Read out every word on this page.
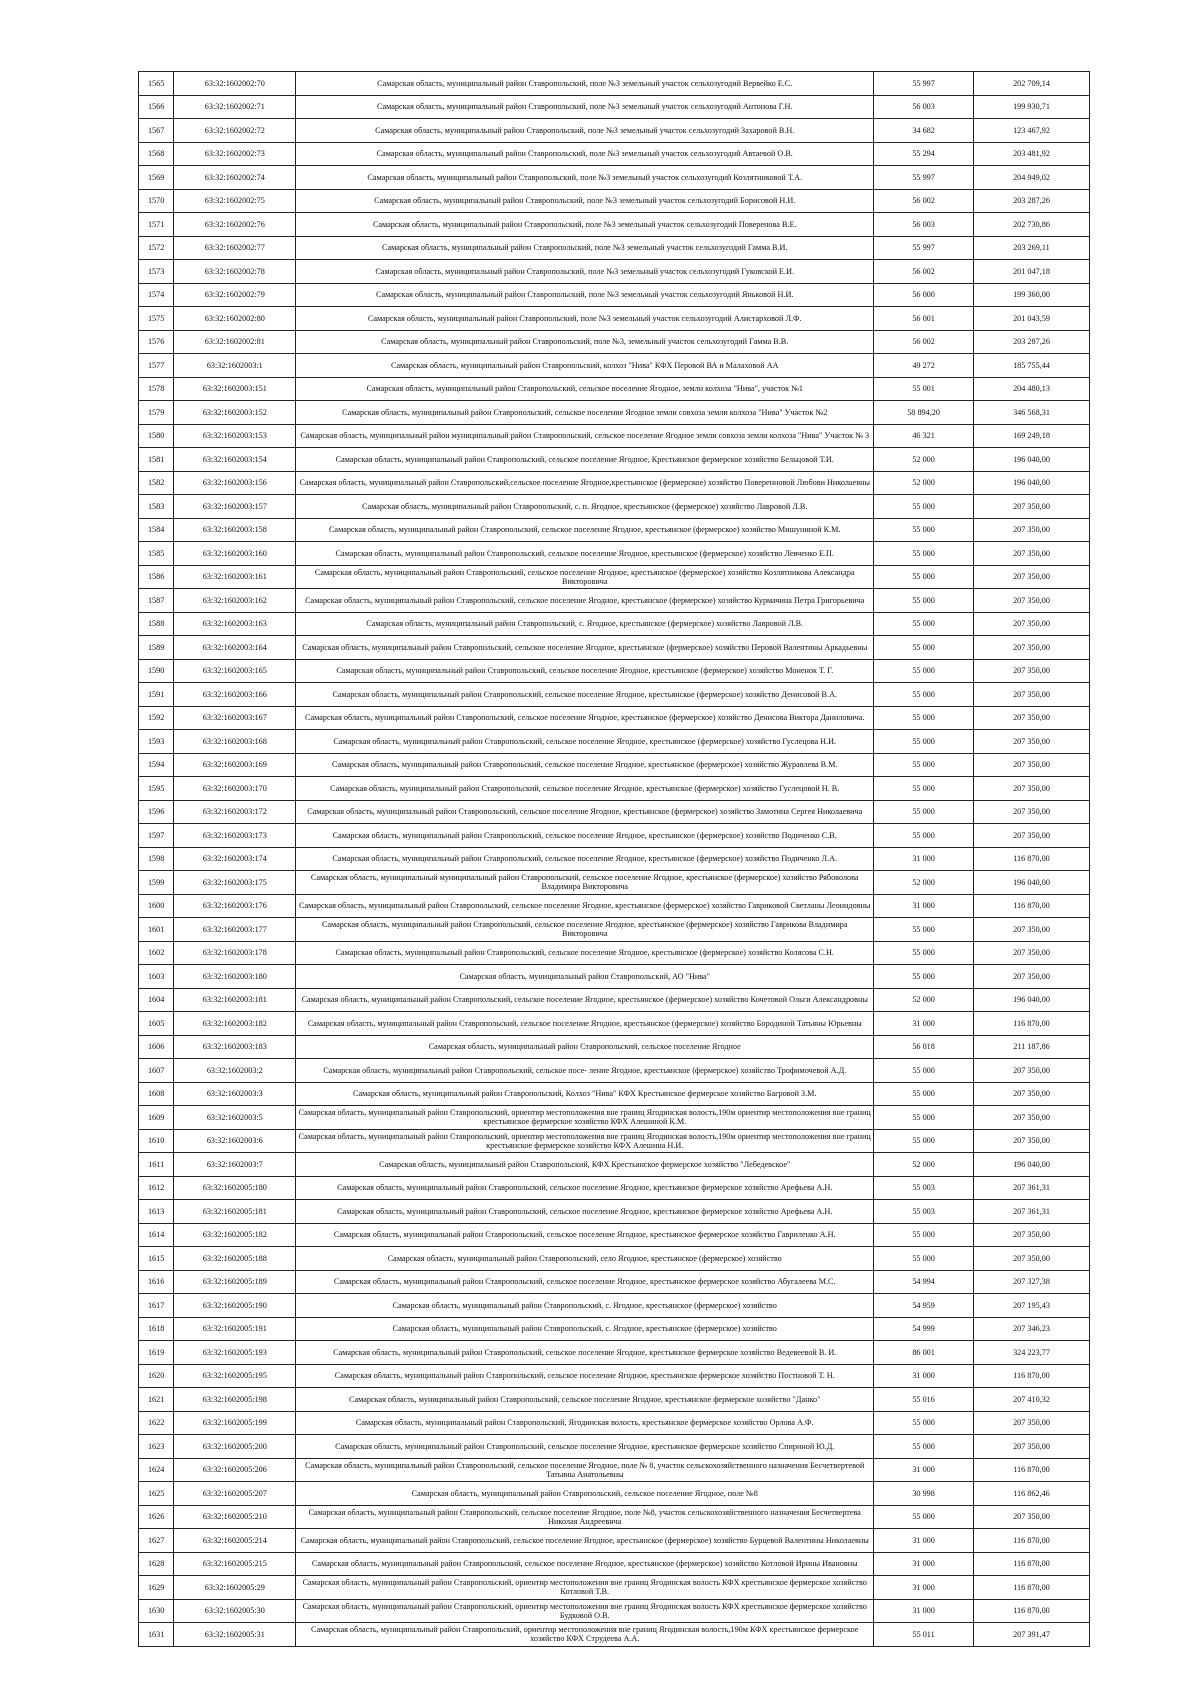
1565	63:32:1602002:70	Самарская область, муниципальный район Ставропольский, поле №3 земельный участок сельхозугодий Вервейко Е.С.	55 997	202 709,14
1566	63:32:1602002:71	Самарская область, муниципальный район Ставропольский, поле №3 земельный участок сельхозугодий Антонова Г.Н.	56 003	199 930,71
1567	63:32:1602002:72	Самарская область, муниципальный район Ставропольский, поле №3 земельный участок сельхозугодий Захаровой В.Н.	34 682	123 467,92
1568	63:32:1602002:73	Самарская область, муниципальный район Ставропольский, поле №3 земельный участок сельхозугодий Автаевой О.В.	55 294	203 481,92
1569	63:32:1602002:74	Самарская область, муниципальный район Ставропольский, поле №3 земельный участок сельхозугодий Козлятниковой Т.А.	55 997	204 949,02
1570	63:32:1602002:75	Самарская область, муниципальный район Ставропольский, поле №3 земельный участок сельхозугодий Борисовой Н.И.	56 002	203 287,26
1571	63:32:1602002:76	Самарская область, муниципальный район Ставропольский, поле №3 земельный участок сельхозугодий Поверенова В.Е.	56 003	202 730,86
1572	63:32:1602002:77	Самарская область, муниципальный район Ставропольский, поле №3 земельный участок сельхозугодий Гамма В.И.	55 997	203 269,11
1573	63:32:1602002:78	Самарская область, муниципальный район Ставропольский, поле №3 земельный участок сельхозугодий Гуковской Е.И.	56 002	201 047,18
1574	63:32:1602002:79	Самарская область, муниципальный район Ставропольский, поле №3 земельный участок сельхозугодий Яньковой Н.И.	56 000	199 360,00
1575	63:32:1602002:80	Самарская область, муниципальный район Ставропольский, поле №3 земельный участок сельхозугодий Алистарховой Л.Ф.	56 001	201 043,59
1576	63:32:1602002:81	Самарская область, муниципальный район Ставропольский, поле №3, земельный участок сельхозугодий Гамма В.В.	56 002	203 287,26
1577	63:32:1602003:1	Самарская область, муниципальный район Ставропольский, колхоз "Нива" КФХ Перовой ВА и Малаховой АА	49 272	185 755,44
1578	63:32:1602003:151	Самарская область, муниципальный район Ставропольский, сельское поселение Ягодное, земли колхоза "Нива", участок №1	55 001	204 480,13
1579	63:32:1602003:152	Самарская область, муниципальный район Ставропольский, сельское поселение Ягодное земли совхоза земли колхоза "Нива" Участок №2	58 894,20	346 568,31
1580	63:32:1602003:153	Самарская область, муниципальный район муниципальный район Ставропольский, сельское поселение Ягодное земли совхоза земли колхоза "Нива" Участок № 3	46 321	169 249,18
1581	63:32:1602003:154	Самарская область, муниципальный район Ставропольский, сельское поселение Ягодное, Крестьянское фермерское хозяйство Бельцовой Т.И.	52 000	196 040,00
1582	63:32:1602003:156	Самарская область, муниципальный район Ставропольский,сельское поселение Ягодное,крестьянское (фермерское) хозяйство Поверенновой Любови Николаевны	52 000	196 040,00
1583	63:32:1602003:157	Самарская область, муниципальный район Ставропольский, с. п. Ягодное, крестьянское (фермерское) хозяйство Лавровой Л.В.	55 000	207 350,00
1584	63:32:1602003:158	Самарская область, муниципальный район Ставропольский, сельское поселение Ягодное, крестьянское (фермерское) хозяйство Мишуниной К.М.	55 000	207 350,00
1585	63:32:1602003:160	Самарская область, муниципальный район Ставропольский, сельское поселение Ягодное, крестьянское (фермерское) хозяйство Левченко Е.П.	55 000	207 350,00
1586	63:32:1602003:161	Самарская область, муниципальный район Ставропольский, сельское поселение Ягодное, крестьянское (фермерское) хозяйство Козлятникова Александра Викторовича	55 000	207 350,00
1587	63:32:1602003:162	Самарская область, муниципальный район Ставропольский, сельское поселение Ягодное, крестьянское (фермерское) хозяйство Курмачина Петра Григорьевича	55 000	207 350,00
1588	63:32:1602003:163	Самарская область, муниципальный район Ставропольский, с. Ягодное, крестьянское (фермерское) хозяйство Лавровой Л.В.	55 000	207 350,00
1589	63:32:1602003:164	Самарская область, муниципальный район Ставропольский, сельское поселение Ягодное, крестьянское (фермерское) хозяйство Перовой Валентины Аркадьевны	55 000	207 350,00
1590	63:32:1602003:165	Самарская область, муниципальный район Ставропольский, сельское поселение Ягодное, крестьянское (фермерское) хозяйство Моненок Т. Г.	55 000	207 350,00
1591	63:32:1602003:166	Самарская область, муниципальный район Ставропольский, сельское поселение Ягодное, крестьянское (фермерское) хозяйство Денисовой В.А.	55 000	207 350,00
1592	63:32:1602003:167	Самарская область, муниципальный район Ставропольский, сельское поселение Ягодное, крестьянское (фермерское) хозяйство Денисова Виктора Даниловича.	55 000	207 350,00
1593	63:32:1602003:168	Самарская область, муниципальный район Ставропольский, сельское поселение Ягодное, крестьянское (фермерское) хозяйство Гуслецова Н.И.	55 000	207 350,00
1594	63:32:1602003:169	Самарская область, муниципальный район Ставропольский, сельское поселение Ягодное, крестьянское (фермерское) хозяйство Журавлева В.М.	55 000	207 350,00
1595	63:32:1602003:170	Самарская область, муниципальный район Ставропольский, сельское поселение Ягодное, крестьянское (фермерское) хозяйство Гуслецовой Н. В.	55 000	207 350,00
1596	63:32:1602003:172	Самарская область, муниципальный район Ставропольский, сельское поселение Ягодное, крестьянское (фермерское) хозяйство Замотина Сергея Николаевича	55 000	207 350,00
1597	63:32:1602003:173	Самарская область, муниципальный район Ставропольский, сельское поселение Ягодное, крестьянское (фермерское) хозяйство Подиченко С.В.	55 000	207 350,00
1598	63:32:1602003:174	Самарская область, муниципальный район Ставропольский, сельское поселение Ягодное, крестьянское (фермерское) хозяйство Подиченко Л.А.	31 000	116 870,00
1599	63:32:1602003:175	Самарская область, муниципальный муниципальный район Ставропольский, сельское поселение Ягодное, крестьянское (фермерское) хозяйство Рябоволова Владимира Викторовича	52 000	196 040,00
1600	63:32:1602003:176	Самарская область, муниципальный район Ставропольский, сельское поселение Ягодное, крестьянское (фермерское) хозяйство Гавриковой Светланы Леонидовны	31 000	116 870,00
1601	63:32:1602003:177	Самарская область, муниципальный район Ставропольский, сельское поселение Ягодное, крестьянское (фермерское) хозяйство Гаврикова Владимира Викторовича	55 000	207 350,00
1602	63:32:1602003:178	Самарская область, муниципальный район Ставропольский, сельское поселение Ягодное, крестьянское (фермерское) хозяйство Колясова С.Н.	55 000	207 350,00
1603	63:32:1602003:180	Самарская область, муниципальный район Ставропольский, АО "Нива"	55 000	207 350,00
1604	63:32:1602003:181	Самарская область, муниципальный район Ставропольский, сельское поселение Ягодное, крестьянское (фермерское) хозяйство Кочетовой Ольги Александровны	52 000	196 040,00
1605	63:32:1602003:182	Самарская область, муниципальный район Ставропольский, сельское поселение Ягодное, крестьянское (фермерское) хозяйство Бородиной Татьяны Юрьевны	31 000	116 870,00
1606	63:32:1602003:183	Самарская область, муниципальный район Ставропольский, сельское поселение Ягодное	56 018	211 187,86
1607	63:32:1602003:2	Самарская область, муниципальный район Ставропольский, сельское посе- ление Ягодное, крестьянское (фермерское) хозяйство Трофимочевой А.Д.	55 000	207 350,00
1608	63:32:1602003:3	Самарская область, муниципальный район Ставропольский, Колхоз "Нива" КФХ Крестьянское фермерское хозяйство Багровой З.М.	55 000	207 350,00
1609	63:32:1602003:5	Самарская область, муниципальный район Ставропольский, ориентир местоположения вне границ Ягодинская волость,190м ориентир местоположения вне границ крестьянское фермерское хозяйство КФХ Алешиной К.М.	55 000	207 350,00
1610	63:32:1602003:6	Самарская область, муниципальный район Ставропольский, ориентир местоположения вне границ Ягодинская волость,190м ориентир местоположения вне границ крестьянское фермерское хозяйство КФХ Алешина Н.И.	55 000	207 350,00
1611	63:32:1602003:7	Самарская область, муниципальный район Ставропольский, КФХ Крестьянское фермерское хозяйство "Лебедевское"	52 000	196 040,00
1612	63:32:1602005:180	Самарская область, муниципальный район Ставропольский, сельское поселение Ягодное, крестьянское фермерское хозяйство Арефьева А.Н.	55 003	207 361,31
1613	63:32:1602005:181	Самарская область, муниципальный район Ставропольский, сельское поселение Ягодное, крестьянское фермерское хозяйство Арефьева А.Н.	55 003	207 361,31
1614	63:32:1602005:182	Самарская область, муниципальный район Ставропольский, сельское поселение Ягодное, крестьянское фермерское хозяйство Гавриленко А.Н.	55 000	207 350,00
1615	63:32:1602005:188	Самарская область, муниципальный район Ставропольский, село Ягодное, крестьянское (фермерское) хозяйство	55 000	207 350,00
1616	63:32:1602005:189	Самарская область, муниципальный район Ставропольский, сельское поселение Ягодное, крестьянское фермерское хозяйство Абугалеева М.С.	54 994	207 327,38
1617	63:32:1602005:190	Самарская область, муниципальный район Ставропольский, с. Ягодное, крестьянское (фермерское) хозяйство	54 959	207 195,43
1618	63:32:1602005:191	Самарская область, муниципальный район Ставропольский, с. Ягодное, крестьянское (фермерское) хозяйство	54 999	207 346,23
1619	63:32:1602005:193	Самарская область, муниципальный район Ставропольский, сельское поселение Ягодное, крестьянское фермерское хозяйство Ведевеевой В. И.	86 001	324 223,77
1620	63:32:1602005:195	Самарская область, муниципальный район Ставропольский, сельское поселение Ягодное, крестьянское фермерское хозяйство Постновой Т. Н.	31 000	116 870,00
1621	63:32:1602005:198	Самарская область, муниципальный район Ставропольский, сельское поселение Ягодное, крестьянское фермерское хозяйство "Данко"	55 016	207 410,32
1622	63:32:1602005:199	Самарская область, муниципальный район Ставропольский, Ягодинская волость, крестьянское фермерское хозяйство Орлова А.Ф.	55 000	207 350,00
1623	63:32:1602005:200	Самарская область, муниципальный район Ставропольский, сельское поселение Ягодное, крестьянское фермерское хозяйство Спириной Ю.Д.	55 000	207 350,00
1624	63:32:1602005:206	Самарская область, муниципальный район Ставропольский, сельское поселение Ягодное, поле № 8, участок сельскохозяйственного назначения Бесчетвертевой Татьяны Анатольевны	31 000	116 870,00
1625	63:32:1602005:207	Самарская область, муниципальный район Ставропольский, сельское поселение Ягодное, поле №8	30 998	116 862,46
1626	63:32:1602005:210	Самарская область, муниципальный район Ставропольский, сельское поселение Ягодное, поле №8, участок сельскохозяйственного назначения Бесчетвертева Николая Андреевича	55 000	207 350,00
1627	63:32:1602005:214	Самарская область, муниципальный район Ставропольский, сельское поселение Ягодное, крестьянское (фермерское) хозяйство Бурцевой Валентины Николаевны	31 000	116 870,00
1628	63:32:1602005:215	Самарская область, муниципальный район Ставропольский, сельское поселение Ягодное, крестьянское (фермерское) хозяйство Котловой Ирины Ивановны	31 000	116 870,00
1629	63:32:1602005:29	Самарская область, муниципальный район Ставропольский, ориентир местоположения вне границ Ягодинская волость КФХ крестьянское фермерское хозяйство Котловой Т.В.	31 000	116 870,00
1630	63:32:1602005:30	Самарская область, муниципальный район Ставропольский, ориентир местоположения вне границ Ягодинская волость КФХ крестьянское фермерское хозяйство Будковой О.В.	31 000	116 870,00
1631	63:32:1602005:31	Самарская область, муниципальный район Ставропольский, ориентир местоположения вне границ Ягодинская волость,190м КФХ крестьянское фермерское хозяйство КФХ Струдеева А.А.	55 011	207 391,47
